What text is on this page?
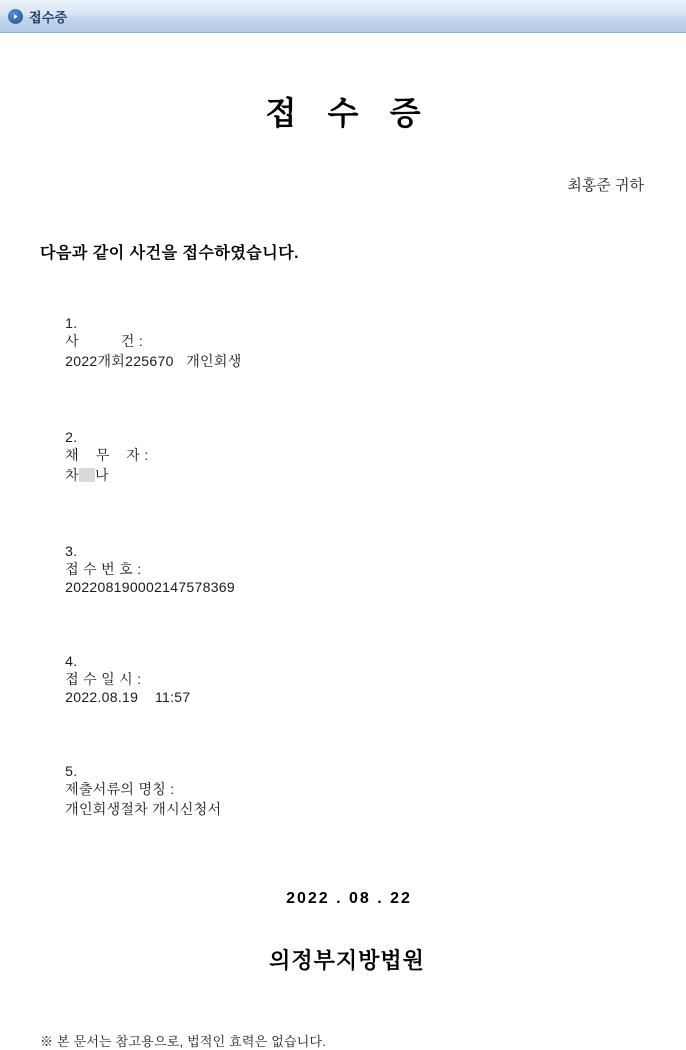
접수증
접 수 증
최홍준 귀하
다음과 같이 사건을 접수하였습니다.

1.
사          건 :
2022개회225670   개인회생

2.
채    무    자 :
차 나

3.
접 수 번 호 :
202208190002147578369

4.
접 수 일 시 :
2022.08.19    11:57

5.
제출서류의 명칭 :
개인회생절차 개시신청서

2022 . 08 . 22
의정부지방법원
※ 본 문서는 참고용으로, 법적인 효력은 없습니다.
